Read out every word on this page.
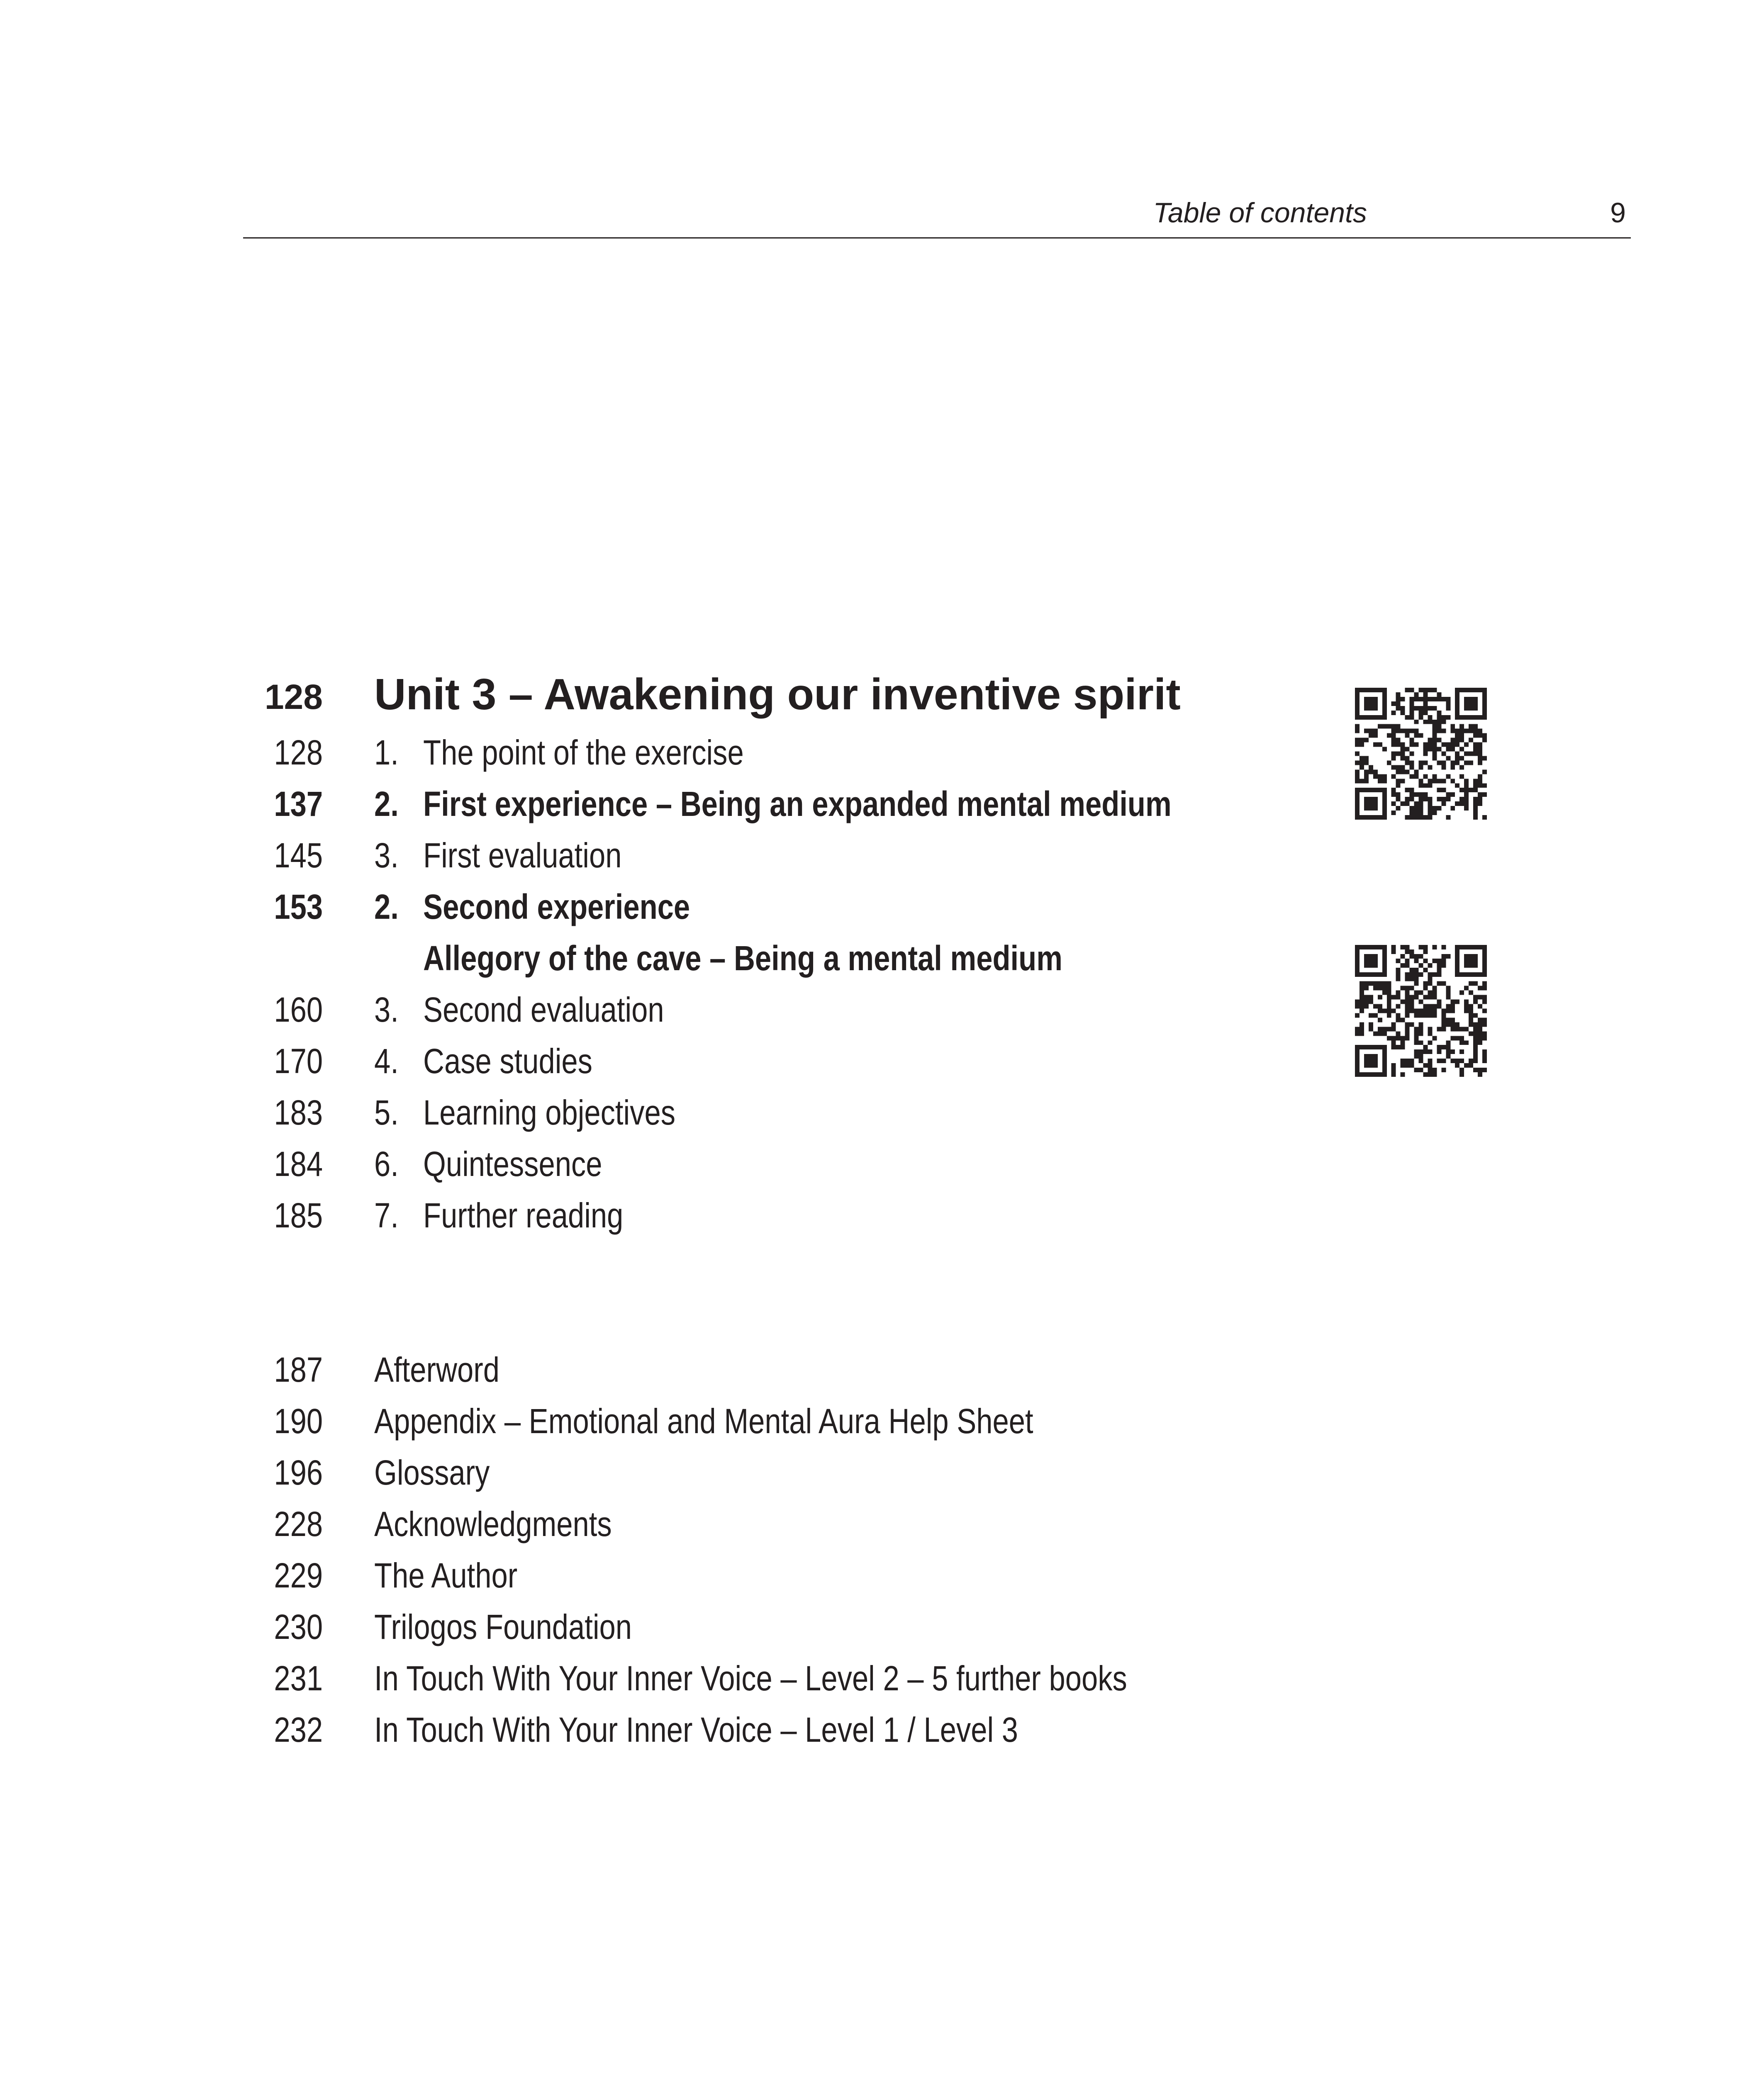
Table of contents	9
128 Unit 3 – Awakening our inventive spirit
128 1. The point of the exercise
137 2. First experience – Being an expanded mental medium
145 3. First evaluation
153 2. Second experience
Allegory of the cave – Being a mental medium
160 3. Second evaluation
170 4. Case studies
183 5. Learning objectives
184 6. Quintessence
185 7. Further reading
187 Afterword
190 Appendix – Emotional and Mental Aura Help Sheet
196 Glossary
228 Acknowledgments
229 The Author
230 Trilogos Foundation
231 In Touch With Your Inner Voice – Level 2 – 5 further books
232 In Touch With Your Inner Voice – Level 1 / Level 3
